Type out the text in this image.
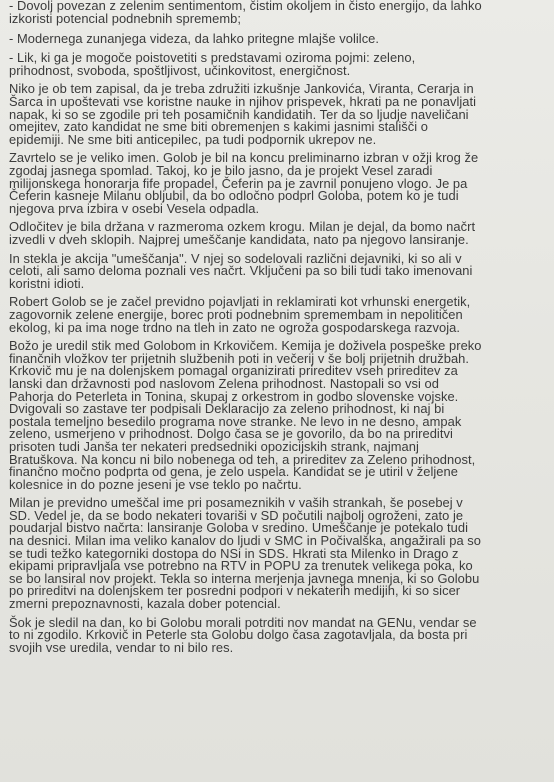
- Dovolj povezan z zelenim sentimentom, čistim okoljem in čisto energijo, da lahko
izkoristi potencial podnebnih sprememb;
- Modernega zunanjega videza, da lahko pritegne mlajše volilce.
- Lik, ki ga je mogoče poistovetiti s predstavami oziroma pojmi: zeleno,
prihodnost, svoboda, spoštljivost, učinkovitost, energičnost.
Niko je ob tem zapisal, da je treba združiti izkušnje Jankovića, Viranta, Cerarja in
Šarca in upoštevati vse koristne nauke in njihov prispevek, hkrati pa ne ponavljati
napak, ki so se zgodile pri teh posamičnih kandidatih. Ter da so ljudje naveličani
omejitev, zato kandidat ne sme biti obremenjen s kakimi jasnimi stališči o
epidemiji. Ne sme biti anticepilec, pa tudi podpornik ukrepov ne.
Zavrtelo se je veliko imen. Golob je bil na koncu preliminarno izbran v ožji krog že
zgodaj jasnega spomlad. Takoj, ko je bilo jasno, da je projekt Vesel zaradi
milijonskega honorarja fife propadel, Čeferin pa je zavrnil ponujeno vlogo. Je pa
Čeferin kasneje Milanu obljubil, da bo odločno podprl Goloba, potem ko je tudi
njegova prva izbira v osebi Vesela odpadla.
Odločitev je bila držana v razmeroma ozkem krogu. Milan je dejal, da bomo načrt
izvedli v dveh sklopih. Najprej umeščanje kandidata, nato pa njegovo lansiranje.
In stekla je akcija "umeščanja". V njej so sodelovali različni dejavniki, ki so ali v
celoti, ali samo deloma poznali ves načrt. Vključeni pa so bili tudi tako imenovani
koristni idioti.
Robert Golob se je začel previdno pojavljati in reklamirati kot vrhunski energetik,
zagovornik zelene energije, borec proti podnebnim spremembam in nepolitičen
ekolog, ki pa ima noge trdno na tleh in zato ne ogroža gospodarskega razvoja.
Božo je uredil stik med Golobom in Krkovičem. Kemija je doživela pospeške preko
finančnih vložkov ter prijetnih službenih poti in večerij v še bolj prijetnih družbah.
Krkovič mu je na dolenjskem pomagal organizirati prireditev vseh prireditev za
lanski dan državnosti pod naslovom Zelena prihodnost. Nastopali so vsi od
Pahorja do Peterleta in Tonina, skupaj z orkestrom in godbo slovenske vojske.
Dvigovali so zastave ter podpisali Deklaracijo za zeleno prihodnost, ki naj bi
postala temeljno besedilo programa nove stranke. Ne levo in ne desno, ampak
zeleno, usmerjeno v prihodnost. Dolgo časa se je govorilo, da bo na prireditvi
prisoten tudi Janša ter nekateri predsedniki opozicijskih strank, najmanj
Bratuškova. Na koncu ni bilo nobenega od teh, a prireditev za Zeleno prihodnost,
finančno močno podprta od gena, je zelo uspela. Kandidat se je utiril v željene
kolesnice in do pozne jeseni je vse teklo po načrtu.
Milan je previdno umeščal ime pri posameznikih v vaših strankah, še posebej v
SD. Vedel je, da se bodo nekateri tovariši v SD počutili najbolj ogroženi, zato je
poudarjal bistvo načrta: lansiranje Goloba v sredino. Umeščanje je potekalo tudi
na desnici. Milan ima veliko kanalov do ljudi v SMC in Počivalška, angažirali pa so
se tudi težko kategorniki dostopa do NSi in SDS. Hkrati sta Milenko in Drago z
ekipami pripravljala vse potrebno na RTV in POPU za trenutek velikega poka, ko
se bo lansiral nov projekt. Tekla so interna merjenja javnega mnenja, ki so Golobu
po prireditvi na dolenjskem ter posredni podpori v nekaterih medijih, ki so sicer
zmerni prepoznavnosti, kazala dober potencial.
Šok je sledil na dan, ko bi Golobu morali potrditi nov mandat na GENu, vendar se
to ni zgodilo. Krkovič in Peterle sta Golobu dolgo časa zagotavljala, da bosta pri
svojih vse uredila, vendar to ni bilo res.
